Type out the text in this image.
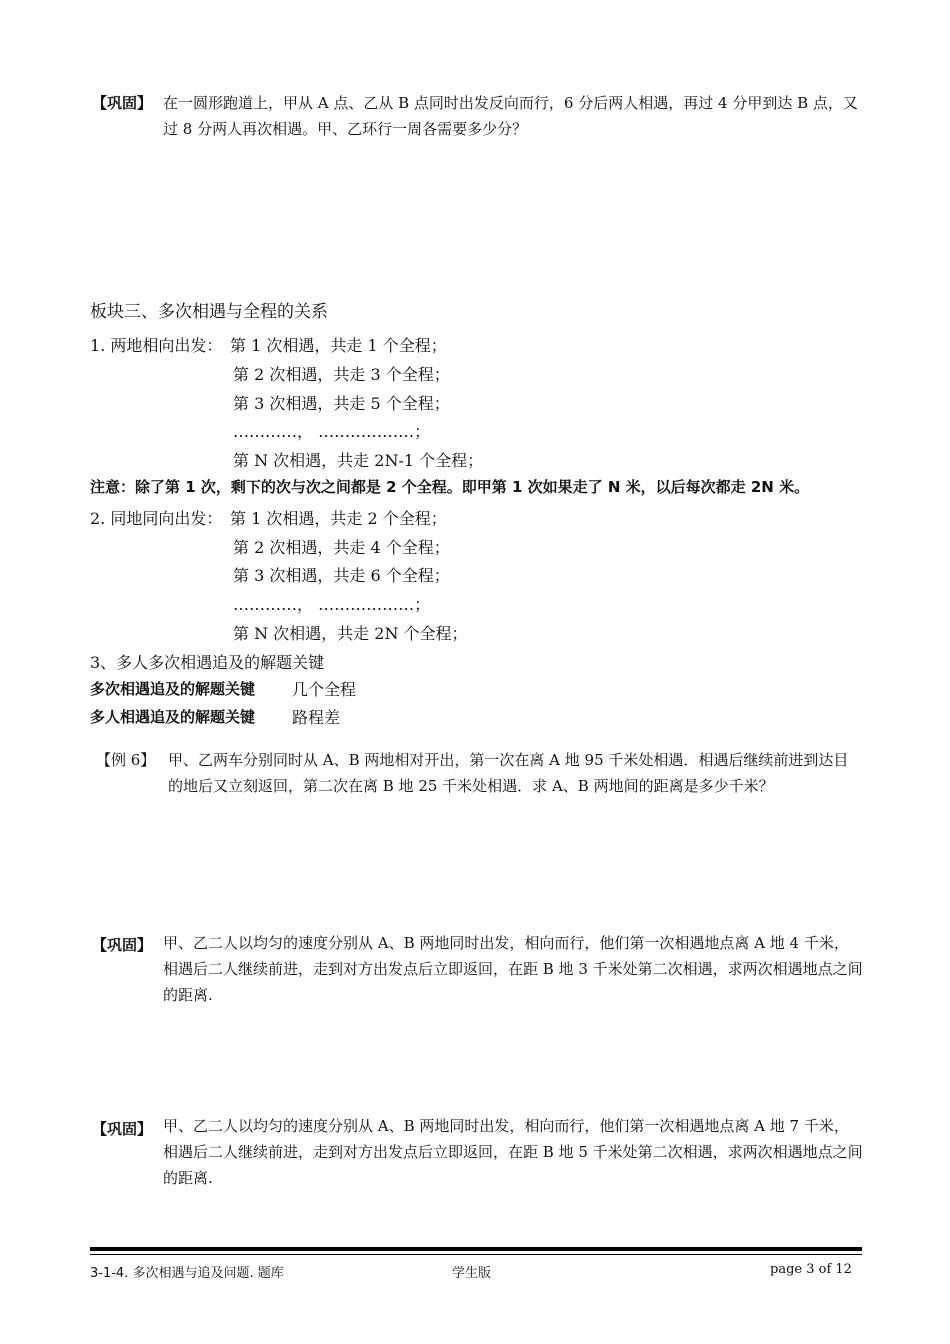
【巩固】 在一圆形跑道上，甲从 A 点、乙从 B 点同时出发反向而行，6 分后两人相遇，再过 4 分甲到达 B 点，又过 8 分两人再次相遇。甲、乙环行一周各需要多少分？
板块三、多次相遇与全程的关系
1. 两地相向出发： 第 1 次相遇，共走 1 个全程；
第 2 次相遇，共走 3 个全程；
第 3 次相遇，共走 5 个全程；
…………， ………………；
第 N 次相遇，共走 2N-1 个全程；
注意：除了第 1 次，剩下的次与次之间都是 2 个全程。即甲第 1 次如果走了 N 米，以后每次都走 2N 米。
2. 同地同向出发： 第 1 次相遇，共走 2 个全程；
第 2 次相遇，共走 4 个全程；
第 3 次相遇，共走 6 个全程；
…………， ………………；
第 N 次相遇，共走 2N 个全程；
3、多人多次相遇追及的解题关键
多次相遇追及的解题关键 几个全程
多人相遇追及的解题关键 路程差
【例 6】 甲、乙两车分别同时从 A、B 两地相对开出，第一次在离 A 地 95 千米处相遇．相遇后继续前进到达目的地后又立刻返回，第二次在离 B 地 25 千米处相遇．求 A、B 两地间的距离是多少千米？
【巩固】 甲、乙二人以均匀的速度分别从 A、B 两地同时出发，相向而行，他们第一次相遇地点离 A 地 4 千米，相遇后二人继续前进，走到对方出发点后立即返回，在距 B 地 3 千米处第二次相遇，求两次相遇地点之间的距离.
【巩固】 甲、乙二人以均匀的速度分别从 A、B 两地同时出发，相向而行，他们第一次相遇地点离 A 地 7 千米，相遇后二人继续前进，走到对方出发点后立即返回，在距 B 地 5 千米处第二次相遇，求两次相遇地点之间的距离.
3-1-4. 多次相遇与追及问题. 题库	学生版	page 3 of 12
